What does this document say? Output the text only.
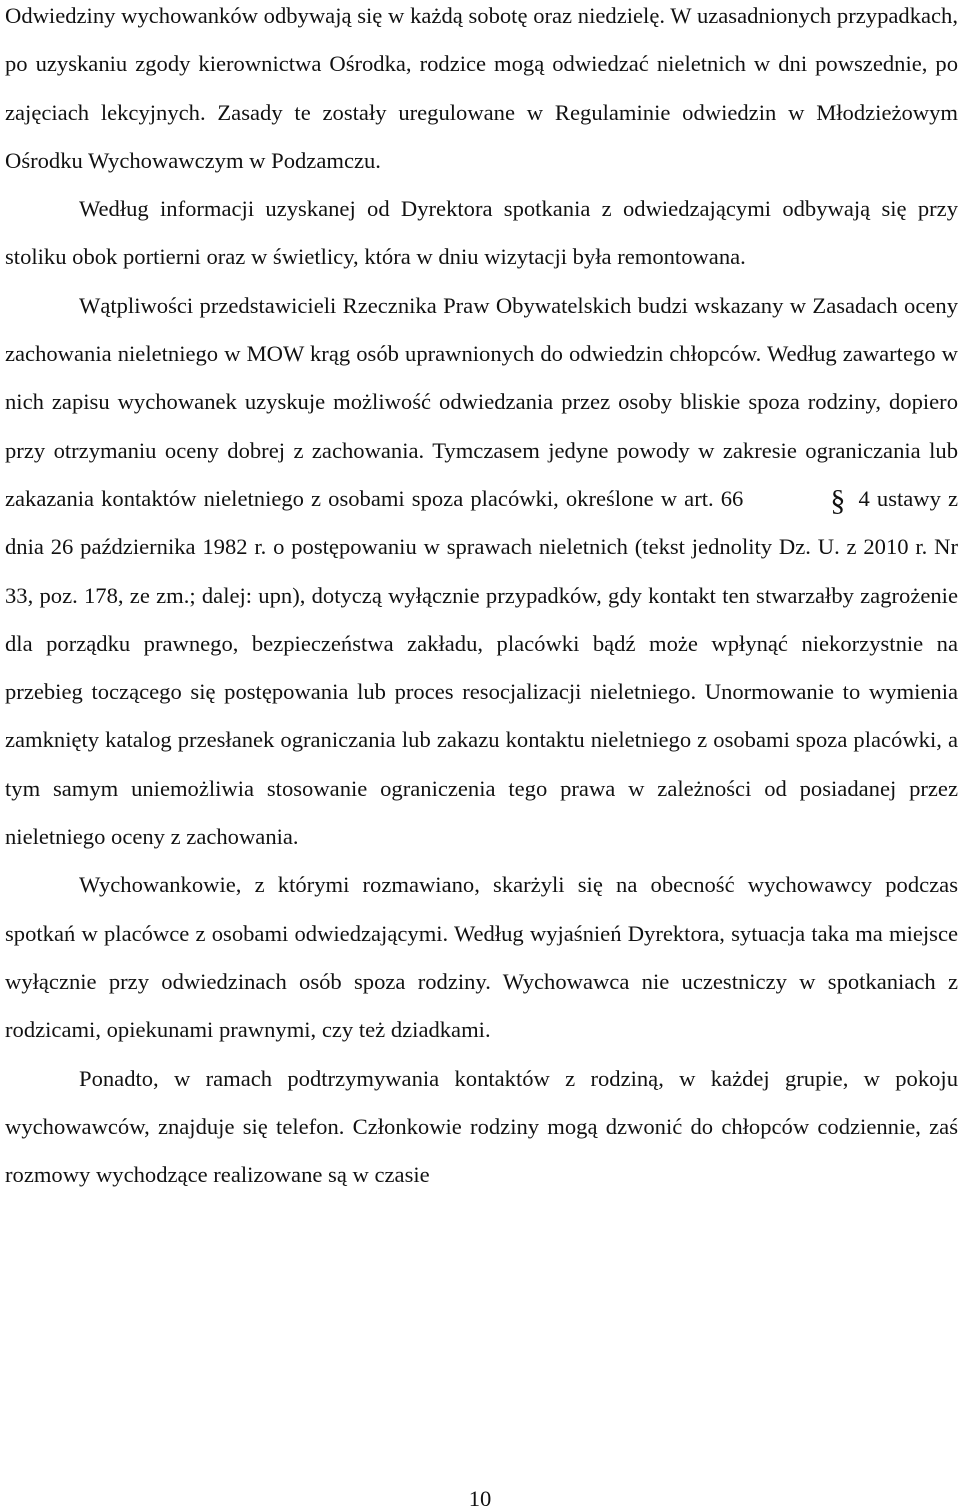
Odwiedziny wychowanków odbywają się w każdą sobotę oraz niedzielę. W uzasadnionych przypadkach, po uzyskaniu zgody kierownictwa Ośrodka, rodzice mogą odwiedzać nieletnich w dni powszednie, po zajęciach lekcyjnych. Zasady te zostały uregulowane w Regulaminie odwiedzin w Młodzieżowym Ośrodku Wychowawczym w Podzamczu.

Według informacji uzyskanej od Dyrektora spotkania z odwiedzającymi odbywają się przy stoliku obok portierni oraz w świetlicy, która w dniu wizytacji była remontowana.

Wątpliwości przedstawicieli Rzecznika Praw Obywatelskich budzi wskazany w Zasadach oceny zachowania nieletniego w MOW krąg osób uprawnionych do odwiedzin chłopców. Według zawartego w nich zapisu wychowanek uzyskuje możliwość odwiedzania przez osoby bliskie spoza rodziny, dopiero przy otrzymaniu oceny dobrej z zachowania. Tymczasem jedyne powody w zakresie ograniczania lub zakazania kontaktów nieletniego z osobami spoza placówki, określone w art. 66	§ 4 ustawy z dnia 26 października 1982 r. o postępowaniu w sprawach nieletnich (tekst jednolity Dz. U. z 2010 r. Nr 33, poz. 178, ze zm.; dalej: upn), dotyczą wyłącznie przypadków, gdy kontakt ten stwarzałby zagrożenie dla porządku prawnego, bezpieczeństwa zakładu, placówki bądź może wpłynąć niekorzystnie na przebieg toczącego się postępowania lub proces resocjalizacji nieletniego. Unormowanie to wymienia zamknięty katalog przesłanek ograniczania lub zakazu kontaktu nieletniego z osobami spoza placówki, a tym samym uniemożliwia stosowanie ograniczenia tego prawa w zależności od posiadanej przez nieletniego oceny z zachowania.

Wychowankowie, z którymi rozmawiano, skarżyli się na obecność wychowawcy podczas spotkań w placówce z osobami odwiedzającymi. Według wyjaśnień Dyrektora, sytuacja taka ma miejsce wyłącznie przy odwiedzinach osób spoza rodziny. Wychowawca nie uczestniczy w spotkaniach z rodzicami, opiekunami prawnymi, czy też dziadkami.

Ponadto, w ramach podtrzymywania kontaktów z rodziną, w każdej grupie, w pokoju wychowawców, znajduje się telefon. Członkowie rodziny mogą dzwonić do chłopców codziennie, zaś rozmowy wychodzące realizowane są w czasie

10
